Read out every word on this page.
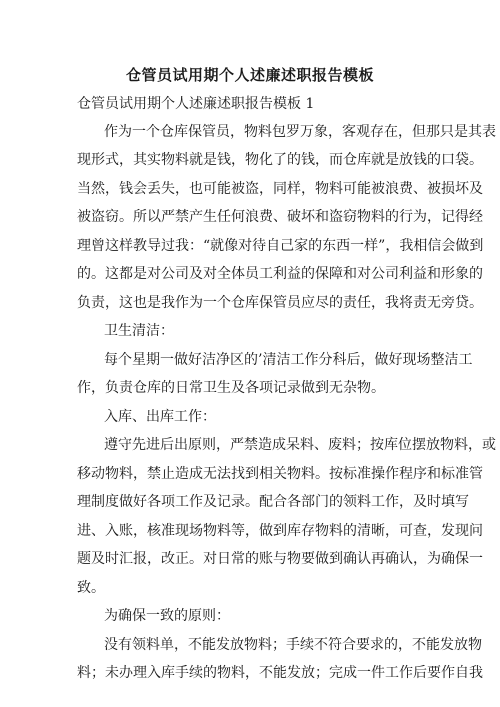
仓管员试用期个人述廉述职报告模板
仓管员试用期个人述廉述职报告模板 1
作为一个仓库保管员，物料包罗万象，客观存在，但那只是其表
现形式，其实物料就是钱，物化了的钱，而仓库就是放钱的口袋。
当然，钱会丢失，也可能被盗，同样，物料可能被浪费、被损坏及
被盗窃。所以严禁产生任何浪费、破坏和盗窃物料的行为，记得经
理曾这样教导过我：“就像对待自己家的东西一样”，我相信会做到
的。这都是对公司及对全体员工利益的保障和对公司利益和形象的
负责，这也是我作为一个仓库保管员应尽的责任，我将责无旁贷。
卫生清洁：
每个星期一做好洁净区的’清洁工作分科后，做好现场整洁工
作，负责仓库的日常卫生及各项记录做到无杂物。
入库、出库工作：
遵守先进后出原则，严禁造成呆料、废料；按库位摆放物料，或
移动物料，禁止造成无法找到相关物料。按标准操作程序和标准管
理制度做好各项工作及记录。配合各部门的领料工作，及时填写
进、入账，核准现场物料等，做到库存物料的清晰，可查，发现问
题及时汇报，改正。对日常的账与物要做到确认再确认，为确保一
致。
为确保一致的原则：
没有领料单，不能发放物料；手续不符合要求的，不能发放物
料；未办理入库手续的物料，不能发放；完成一件工作后要作自我
